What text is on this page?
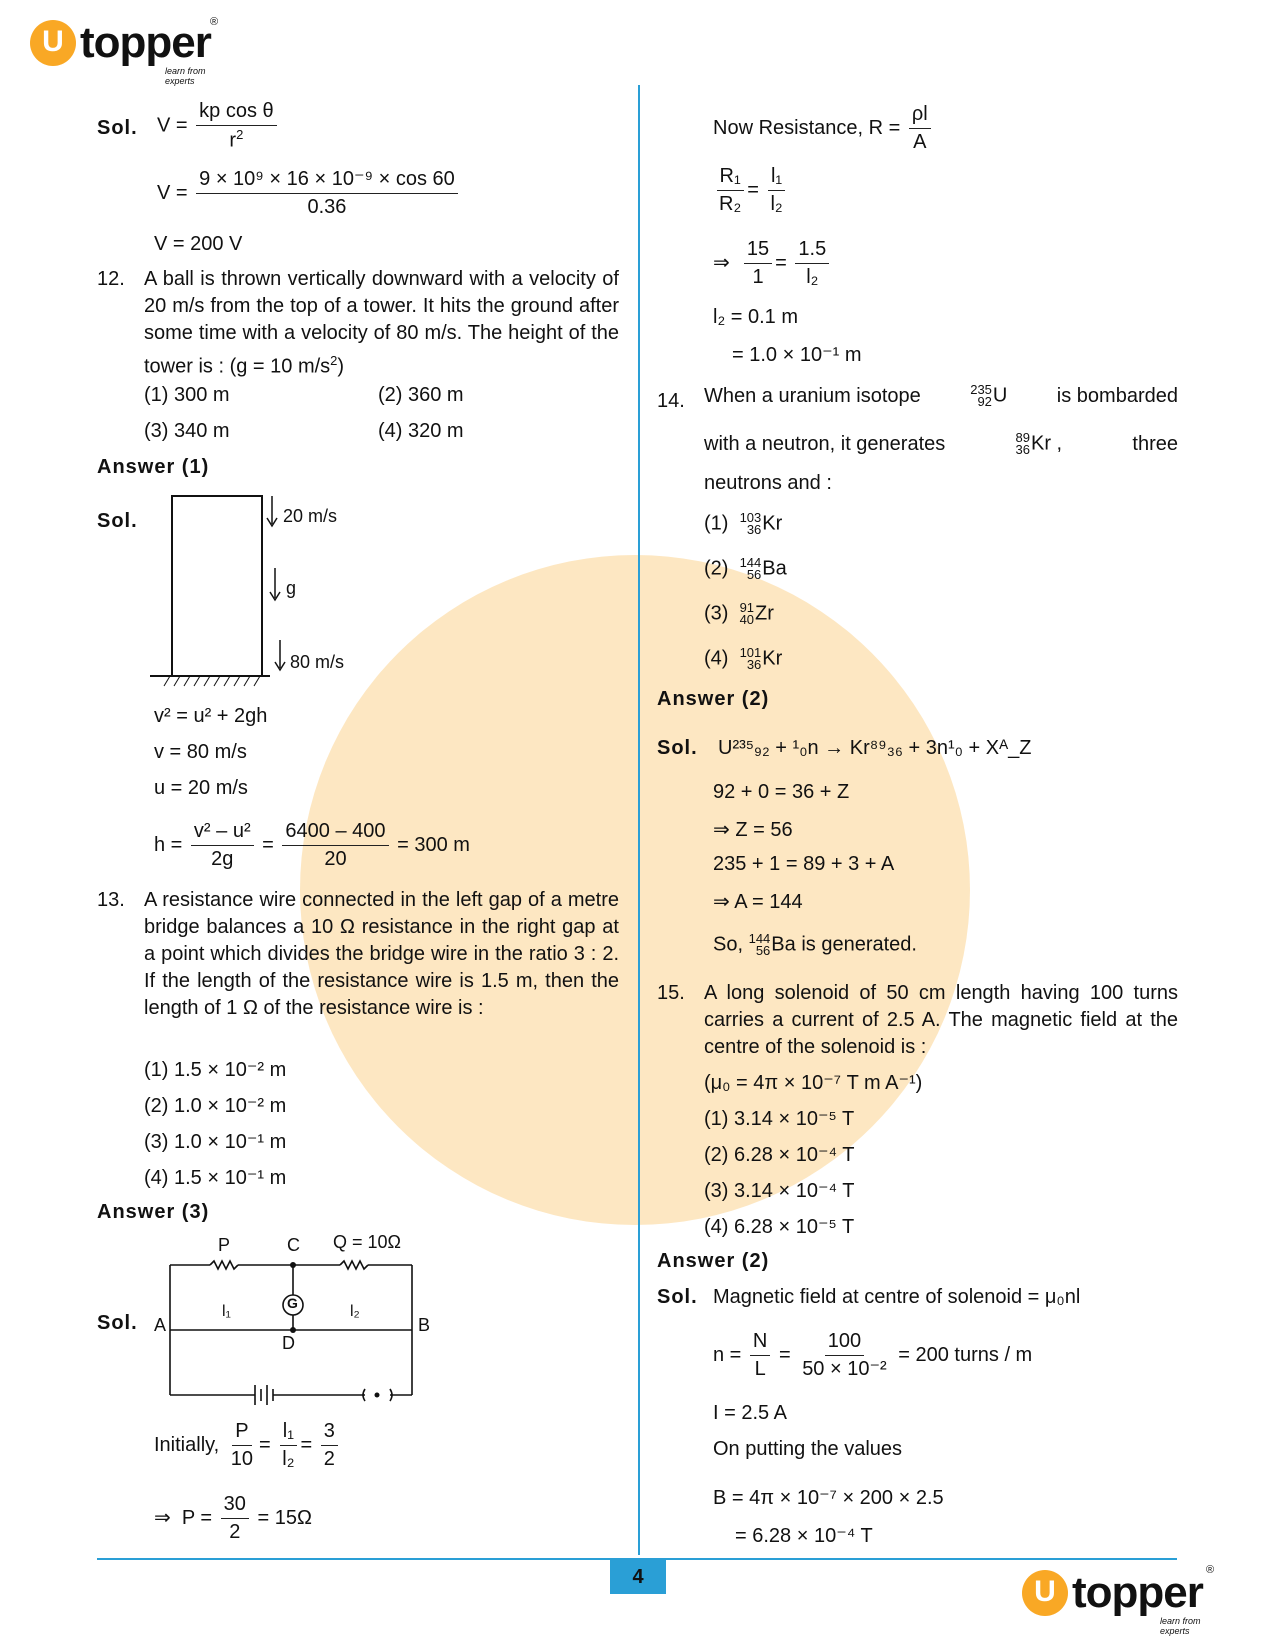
U topper ®
learn from experts
U topper ®
learn from experts
4
Sol. $V = \frac{\text{kp cos θ}}{r^2}$
$V = \frac{\text{9 × 10⁹ × 16 × 10⁻⁹ × cos 60}}{0.36}$
V = 200 V
12. A ball is thrown vertically downward with a velocity of 20 m/s from the top of a tower. It hits the ground after some time with a velocity of 80 m/s. The height of the tower is : (g = 10 $m/s^2$)
(1) 300 m	(2) 360 m
(3) 340 m	(4) 320 m
Answer (1)
Sol.	20 m/s
g
80 m/s
v² = u² + 2gh
v = 80 m/s
u = 20 m/s
$h = \frac{\text{v² – u²}}{2g} = \frac{6400 - 400}{20} = 300$ m
13. A resistance wire connected in the left gap of a metre bridge balances a 10 Ω resistance in the right gap at a point which divides the bridge wire in the ratio 3 : 2. If the length of the resistance wire is 1.5 m, then the length of 1 Ω of the resistance wire is :
(1) 1.5 × 10⁻² m
(2) 1.0 × 10⁻² m
(3) 1.0 × 10⁻¹ m
(4) 1.5 × 10⁻¹ m
Answer (3)
P	C Q = 10Ω
G
Sol. A	B
D
l₁	l₂
Initially, $\frac{P}{10} = \frac{\text{l₁}}{\text{l₂}} = \frac{3}{2}$
⇒ $P = \frac{30}{2} = 15\Omega$
Now Resistance, $R = \frac{\rho l}{A}$
$\frac{\text{R₁}}{\text{R₂}} = \frac{\text{l₁}}{\text{l₂}}$
⇒ $\frac{15}{1} = \frac{1.5}{\text{l₂}}$
l₂ = 0.1 m
= 1.0 × 10⁻¹ m
14. When a uranium isotope	235
92 U is bombarded
with a neutron, it generates	89
36 Kr ,	three
neutrons and :
(1) 103
36 Kr
(2) 144
56 Ba
(3) 91
40 Zr
(4) 101
36 Kr
Answer (2)
Sol. U²³⁵₉₂ + ¹₀n → Kr⁸⁹₃₆ + 3n¹₀ + Xᴬ_Z
92 + 0 = 36 + Z
⇒ Z = 56
235 + 1 = 89 + 3 + A
⇒ A = 144
So, 144
56 Ba is generated.
15. A long solenoid of 50 cm length having 100 turns carries a current of 2.5 A. The magnetic field at the centre of the solenoid is :
(μ₀ = 4π × 10⁻⁷ T m A⁻¹)
(1) 3.14 × 10⁻⁵ T
(2) 6.28 × 10⁻⁴ T
(3) 3.14 × 10⁻⁴ T
(4) 6.28 × 10⁻⁵ T
Answer (2)
Sol. Magnetic field at centre of solenoid = μ₀nl
$n = \frac{N}{L} = \frac{100}{\text{50 × 10⁻²}} = 200$ turns / m
I = 2.5 A
On putting the values
B = 4π × 10⁻⁷ × 200 × 2.5
= 6.28 × 10⁻⁴ T
